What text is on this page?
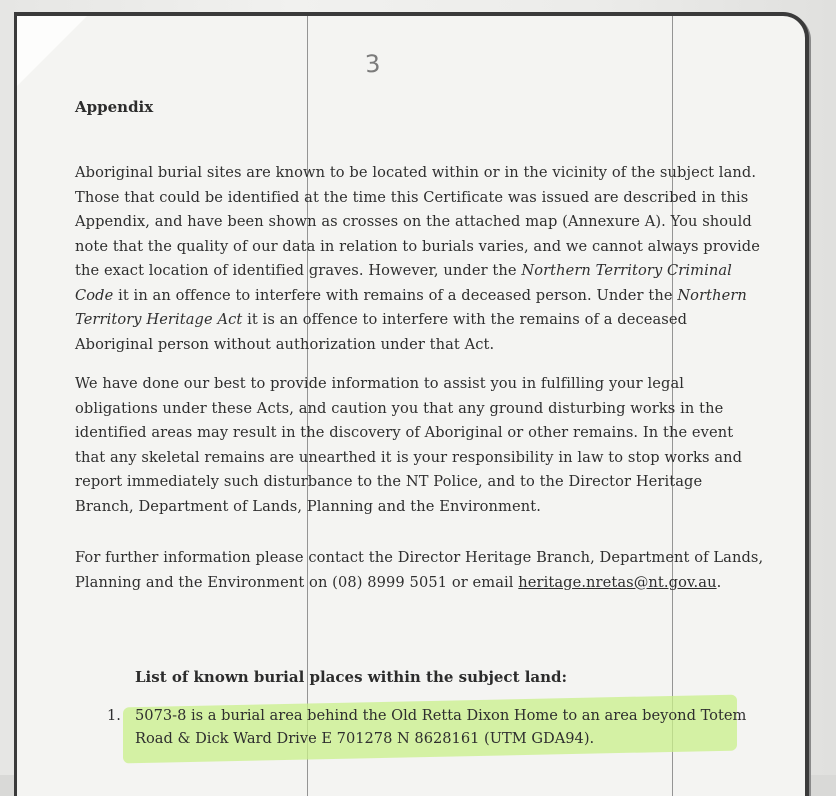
3
Appendix

Aboriginal burial sites are known to be located within or in the vicinity of the subject land. Those that could be identified at the time this Certificate was issued are described in this Appendix, and have been shown as crosses on the attached map (Annexure A). You should note that the quality of our data in relation to burials varies, and we cannot always provide the exact location of identified graves. However, under the Northern Territory Criminal Code it in an offence to interfere with remains of a deceased person. Under the Northern Territory Heritage Act it is an offence to interfere with the remains of a deceased Aboriginal person without authorization under that Act.

We have done our best to provide information to assist you in fulfilling your legal obligations under these Acts, and caution you that any ground disturbing works in the identified areas may result in the discovery of Aboriginal or other remains. In the event that any skeletal remains are unearthed it is your responsibility in law to stop works and report immediately such disturbance to the NT Police, and to the Director Heritage Branch, Department of Lands, Planning and the Environment.

For further information please contact the Director Heritage Branch, Department of Lands, Planning and the Environment on (08) 8999 5051 or email heritage.nretas@nt.gov.au.

List of known burial places within the subject land:
1. 5073-8 is a burial area behind the Old Retta Dixon Home to an area beyond Totem Road & Dick Ward Drive E 701278 N 8628161 (UTM GDA94).
